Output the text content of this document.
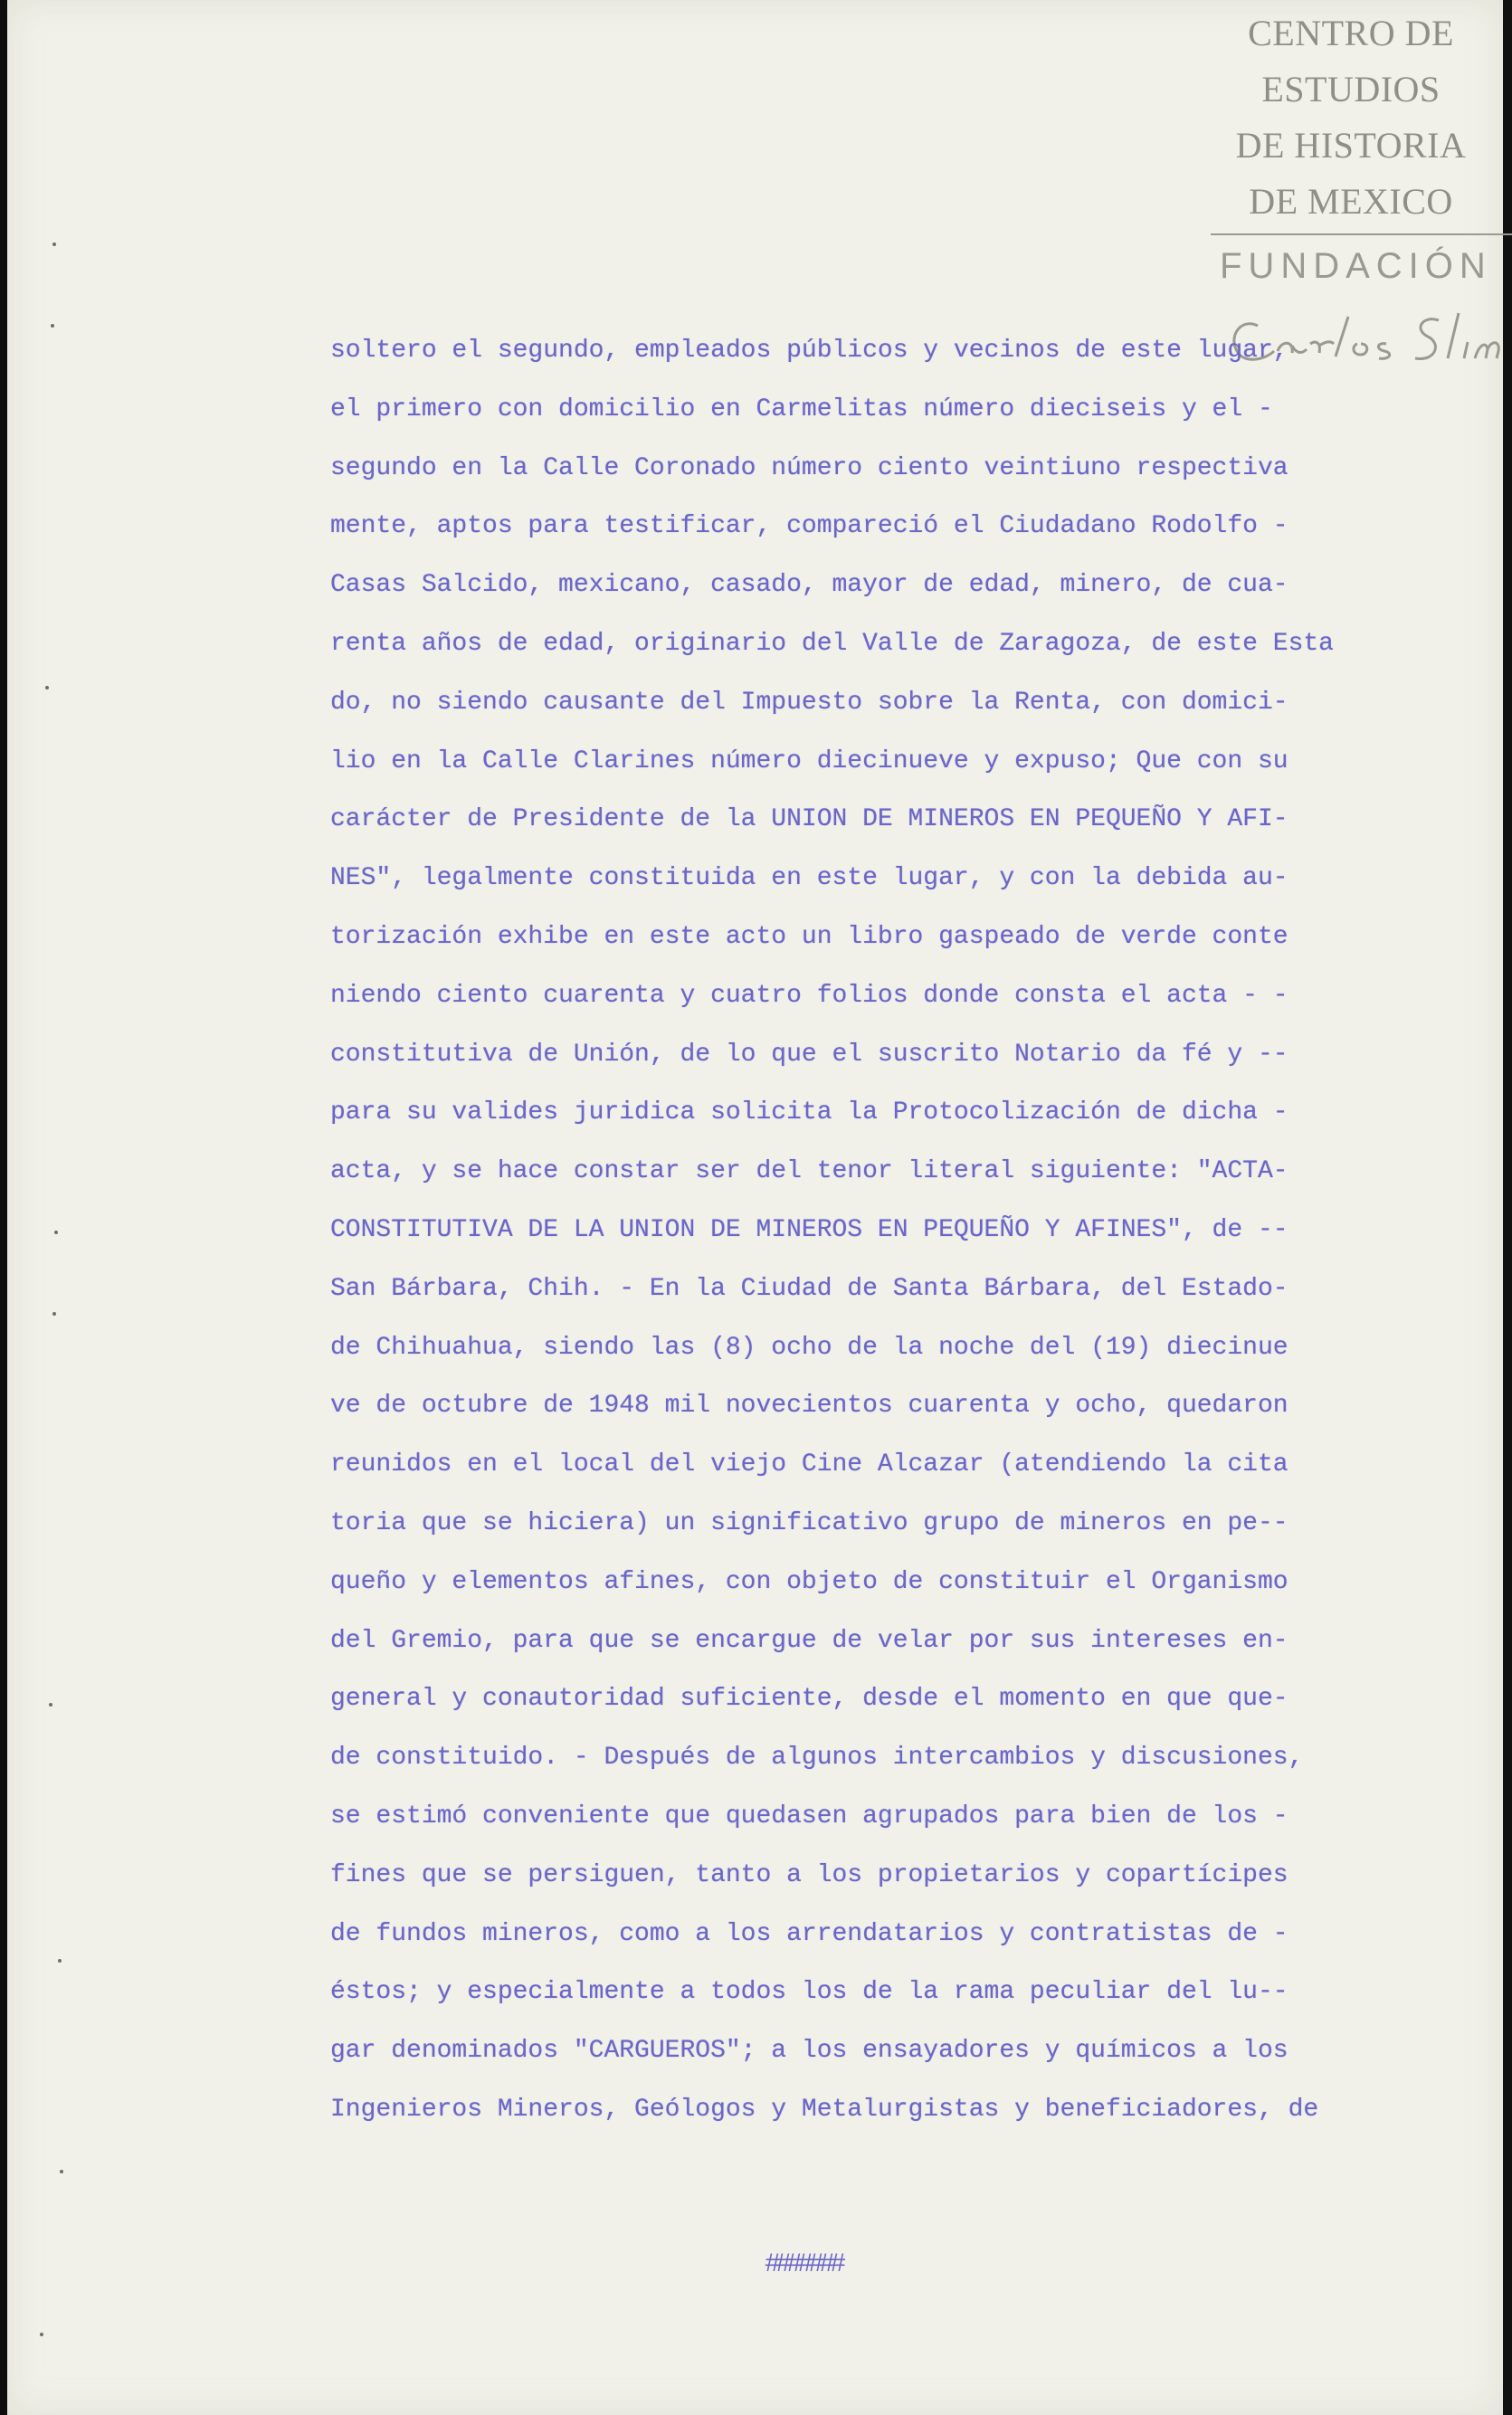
CENTRO DE
ESTUDIOS
DE HISTORIA
DE MEXICO
FUNDACIÓN
soltero el segundo, empleados públicos y vecinos de este lugar,
el primero con domicilio en Carmelitas número dieciseis y el -
segundo en la Calle Coronado número ciento veintiuno respectiva
mente, aptos para testificar, compareció el Ciudadano Rodolfo -
Casas Salcido, mexicano, casado, mayor de edad, minero, de cua-
renta años de edad, originario del Valle de Zaragoza, de este Esta
do, no siendo causante del Impuesto sobre la Renta, con domici-
lio en la Calle Clarines número diecinueve y expuso; Que con su
carácter de Presidente de la UNION DE MINEROS EN PEQUEÑO Y AFI-
NES", legalmente constituida en este lugar, y con la debida au-
torización exhibe en este acto un libro gaspeado de verde conte
niendo ciento cuarenta y cuatro folios donde consta el acta - -
constitutiva de Unión, de lo que el suscrito Notario da fé y --
para su valides juridica solicita la Protocolización de dicha -
acta, y se hace constar ser del tenor literal siguiente: "ACTA-
CONSTITUTIVA DE LA UNION DE MINEROS EN PEQUEÑO Y AFINES", de --
San Bárbara, Chih. - En la Ciudad de Santa Bárbara, del Estado-
de Chihuahua, siendo las (8) ocho de la noche del (19) diecinue
ve de octubre de 1948 mil novecientos cuarenta y ocho, quedaron
reunidos en el local del viejo Cine Alcazar (atendiendo la cita
toria que se hiciera) un significativo grupo de mineros en pe--
queño y elementos afines, con objeto de constituir el Organismo
del Gremio, para que se encargue de velar por sus intereses en-
general y conautoridad suficiente, desde el momento en que que-
de constituido. - Después de algunos intercambios y discusiones,
se estimó conveniente que quedasen agrupados para bien de los -
fines que se persiguen, tanto a los propietarios y copartícipes
de fundos mineros, como a los arrendatarios y contratistas de -
éstos; y especialmente a todos los de la rama peculiar del lu--
gar denominados "CARGUEROS"; a los ensayadores y químicos a los
Ingenieros Mineros, Geólogos y Metalurgistas y beneficiadores, de
#######
